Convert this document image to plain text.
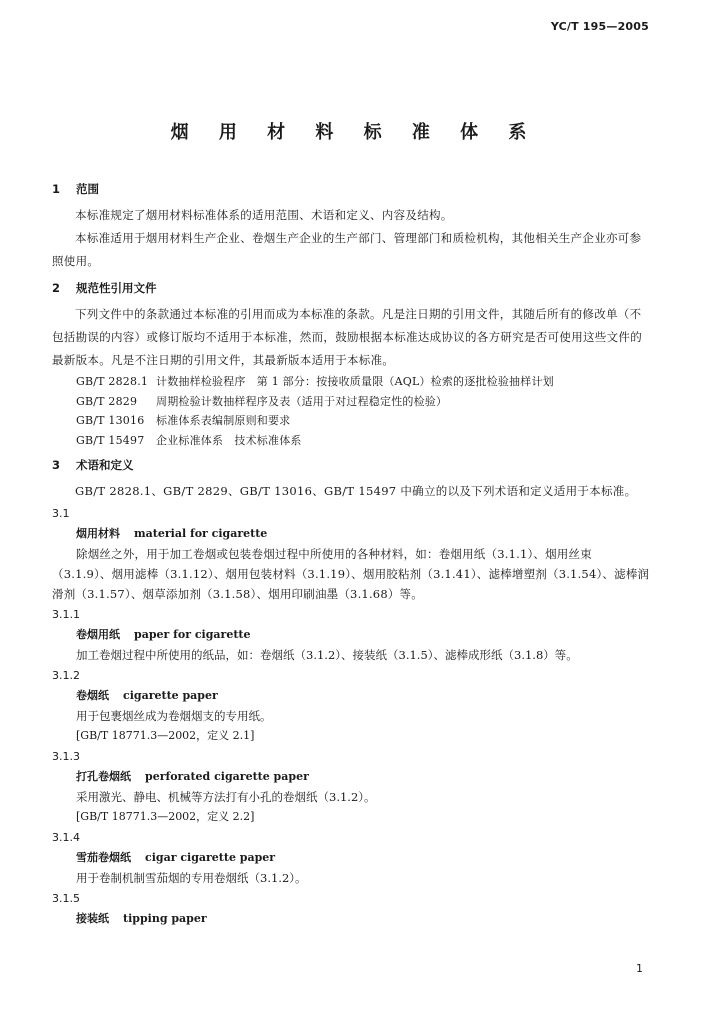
YC/T 195—2005
烟 用 材 料 标 准 体 系
1 范围

本标准规定了烟用材料标准体系的适用范围、术语和定义、内容及结构。

本标准适用于烟用材料生产企业、卷烟生产企业的生产部门、管理部门和质检机构，其他相关生产企业亦可参照使用。

2 规范性引用文件

下列文件中的条款通过本标准的引用而成为本标准的条款。凡是注日期的引用文件，其随后所有的修改单（不包括勘误的内容）或修订版均不适用于本标准，然而，鼓励根据本标准达成协议的各方研究是否可使用这些文件的最新版本。凡是不注日期的引用文件，其最新版本适用于本标准。

GB/T 2828.1 计数抽样检验程序　第 1 部分：按接收质量限（AQL）检索的逐批检验抽样计划
GB/T 2829 周期检验计数抽样程序及表（适用于对过程稳定性的检验）
GB/T 13016 标准体系表编制原则和要求
GB/T 15497 企业标准体系　技术标准体系
3 术语和定义

GB/T 2828.1、GB/T 2829、GB/T 13016、GB/T 15497 中确立的以及下列术语和定义适用于本标准。

3.1
烟用材料 material for cigarette
除烟丝之外，用于加工卷烟或包装卷烟过程中所使用的各种材料，如：卷烟用纸（3.1.1）、烟用丝束（3.1.9）、烟用滤棒（3.1.12）、烟用包装材料（3.1.19）、烟用胶粘剂（3.1.41）、滤棒增塑剂（3.1.54）、滤棒润滑剂（3.1.57）、烟草添加剂（3.1.58）、烟用印刷油墨（3.1.68）等。
3.1.1
卷烟用纸 paper for cigarette
加工卷烟过程中所使用的纸品，如：卷烟纸（3.1.2）、接装纸（3.1.5）、滤棒成形纸（3.1.8）等。
3.1.2
卷烟纸 cigarette paper
用于包裹烟丝成为卷烟烟支的专用纸。
[GB/T 18771.3—2002，定义 2.1]
3.1.3
打孔卷烟纸 perforated cigarette paper
采用激光、静电、机械等方法打有小孔的卷烟纸（3.1.2）。
[GB/T 18771.3—2002，定义 2.2]
3.1.4
雪茄卷烟纸 cigar cigarette paper
用于卷制机制雪茄烟的专用卷烟纸（3.1.2）。
3.1.5
接装纸 tipping paper
1
